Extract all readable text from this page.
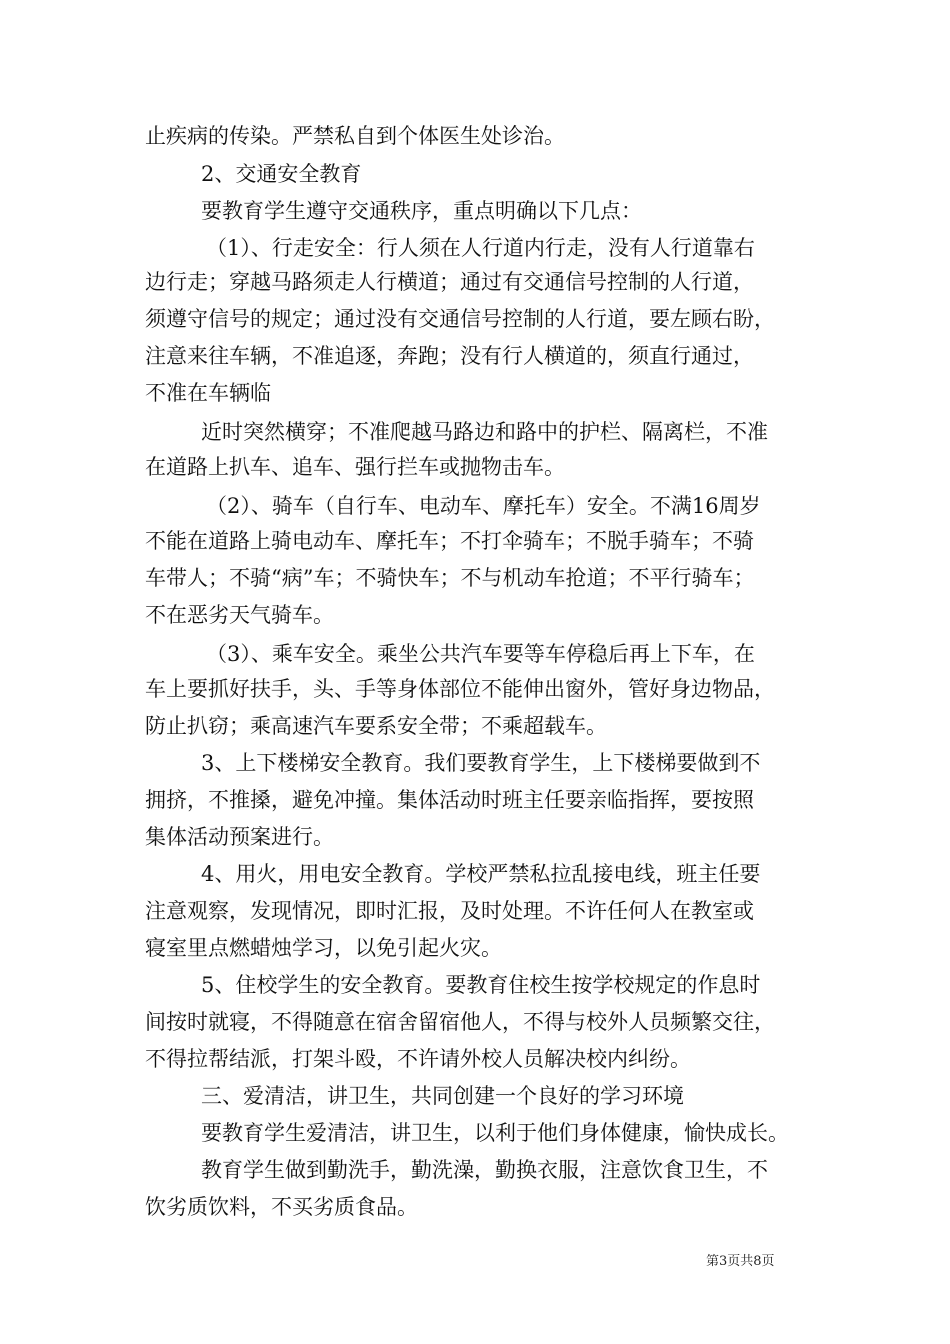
止疾病的传染。严禁私自到个体医生处诊治。
2、交通安全教育
要教育学生遵守交通秩序，重点明确以下几点：
（1）、行走安全：行人须在人行道内行走，没有人行道靠右
边行走；穿越马路须走人行横道；通过有交通信号控制的人行道，
须遵守信号的规定；通过没有交通信号控制的人行道，要左顾右盼，
注意来往车辆，不准追逐，奔跑；没有行人横道的，须直行通过，
不准在车辆临
近时突然横穿；不准爬越马路边和路中的护栏、隔离栏，不准
在道路上扒车、追车、强行拦车或抛物击车。
（2）、骑车（自行车、电动车、摩托车）安全。不满16周岁
不能在道路上骑电动车、摩托车；不打伞骑车；不脱手骑车；不骑
车带人；不骑“病”车；不骑快车；不与机动车抢道；不平行骑车；
不在恶劣天气骑车。
（3）、乘车安全。乘坐公共汽车要等车停稳后再上下车，在
车上要抓好扶手，头、手等身体部位不能伸出窗外，管好身边物品，
防止扒窃；乘高速汽车要系安全带；不乘超载车。
3、上下楼梯安全教育。我们要教育学生，上下楼梯要做到不
拥挤，不推搡，避免冲撞。集体活动时班主任要亲临指挥，要按照
集体活动预案进行。
4、用火，用电安全教育。学校严禁私拉乱接电线，班主任要
注意观察，发现情况，即时汇报，及时处理。不许任何人在教室或
寝室里点燃蜡烛学习，以免引起火灾。
5、住校学生的安全教育。要教育住校生按学校规定的作息时
间按时就寝，不得随意在宿舍留宿他人，不得与校外人员频繁交往，
不得拉帮结派，打架斗殴，不许请外校人员解决校内纠纷。
三、爱清洁，讲卫生，共同创建一个良好的学习环境
要教育学生爱清洁，讲卫生，以利于他们身体健康，愉快成长。
教育学生做到勤洗手，勤洗澡，勤换衣服，注意饮食卫生，不
饮劣质饮料，不买劣质食品。
第3页共8页
